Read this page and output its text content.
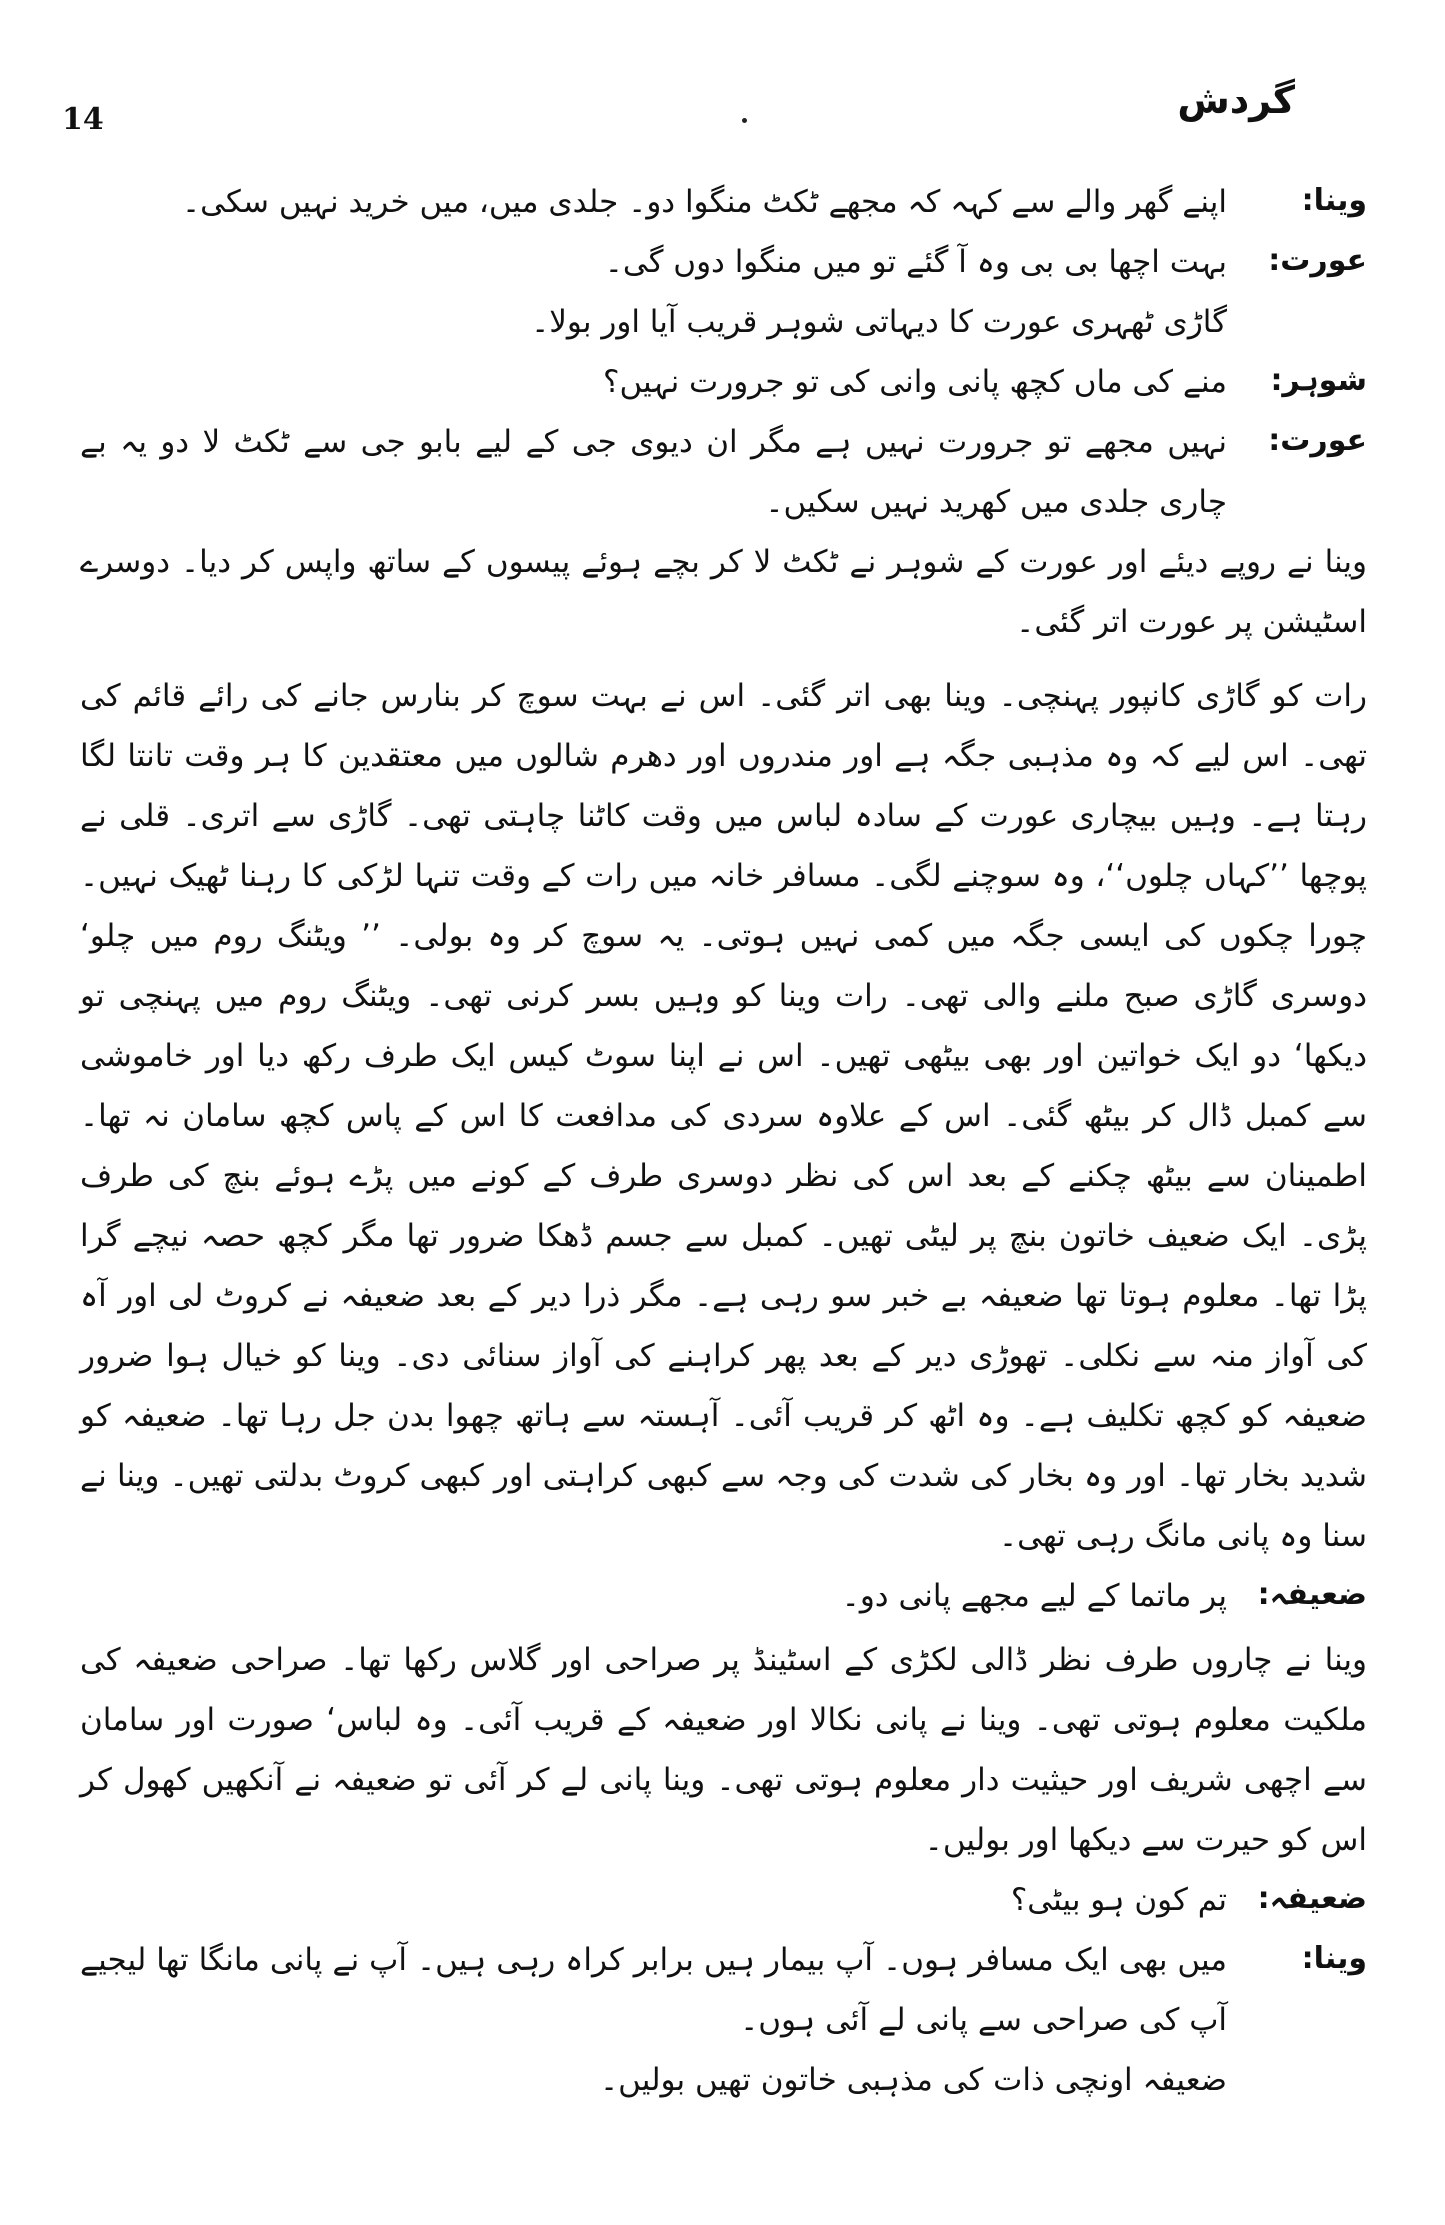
14	گردش
وینا:
اپنے گھر والے سے کہہ کہ مجھے ٹکٹ منگوا دو۔ جلدی میں، میں خرید نہیں سکی۔
عورت:
بہت اچھا بی بی وہ آ گئے تو میں منگوا دوں گی۔
گاڑی ٹھہری عورت کا دیہاتی شوہر قریب آیا اور بولا۔
شوہر:
منے کی ماں کچھ پانی وانی کی تو جرورت نہیں؟
عورت:
نہیں مجھے تو جرورت نہیں ہے مگر ان دیوی جی کے لیے بابو جی سے ٹکٹ لا دو یہ بے چاری جلدی میں کھرید نہیں سکیں۔
وینا نے روپے دیئے اور عورت کے شوہر نے ٹکٹ لا کر بچے ہوئے پیسوں کے ساتھ واپس کر دیا۔ دوسرے اسٹیشن پر عورت اتر گئی۔
رات کو گاڑی کانپور پہنچی۔ وینا بھی اتر گئی۔ اس نے بہت سوچ کر بنارس جانے کی رائے قائم کی تھی۔ اس لیے کہ وہ مذہبی جگہ ہے اور مندروں اور دھرم شالوں میں معتقدین کا ہر وقت تانتا لگا رہتا ہے۔ وہیں بیچاری عورت کے سادہ لباس میں وقت کاٹنا چاہتی تھی۔ گاڑی سے اتری۔ قلی نے پوچھا ’’کہاں چلوں‘‘، وہ سوچنے لگی۔ مسافر خانہ میں رات کے وقت تنہا لڑکی کا رہنا ٹھیک نہیں۔ چورا چکوں کی ایسی جگہ میں کمی نہیں ہوتی۔ یہ سوچ کر وہ بولی۔ ’’ ویٹنگ روم میں چلو‘ دوسری گاڑی صبح ملنے والی تھی۔ رات وینا کو وہیں بسر کرنی تھی۔ ویٹنگ روم میں پہنچی تو دیکھا‘ دو ایک خواتین اور بھی بیٹھی تھیں۔ اس نے اپنا سوٹ کیس ایک طرف رکھ دیا اور خاموشی سے کمبل ڈال کر بیٹھ گئی۔ اس کے علاوہ سردی کی مدافعت کا اس کے پاس کچھ سامان نہ تھا۔ اطمینان سے بیٹھ چکنے کے بعد اس کی نظر دوسری طرف کے کونے میں پڑے ہوئے بنچ کی طرف پڑی۔ ایک ضعیف خاتون بنچ پر لیٹی تھیں۔ کمبل سے جسم ڈھکا ضرور تھا مگر کچھ حصہ نیچے گرا پڑا تھا۔ معلوم ہوتا تھا ضعیفہ بے خبر سو رہی ہے۔ مگر ذرا دیر کے بعد ضعیفہ نے کروٹ لی اور آہ کی آواز منہ سے نکلی۔ تھوڑی دیر کے بعد پھر کراہنے کی آواز سنائی دی۔ وینا کو خیال ہوا ضرور ضعیفہ کو کچھ تکلیف ہے۔ وہ اٹھ کر قریب آئی۔ آہستہ سے ہاتھ چھوا بدن جل رہا تھا۔ ضعیفہ کو شدید بخار تھا۔ اور وہ بخار کی شدت کی وجہ سے کبھی کراہتی اور کبھی کروٹ بدلتی تھیں۔ وینا نے سنا وہ پانی مانگ رہی تھی۔
ضعیفہ:
پر ماتما کے لیے مجھے پانی دو۔
وینا نے چاروں طرف نظر ڈالی لکڑی کے اسٹینڈ پر صراحی اور گلاس رکھا تھا۔ صراحی ضعیفہ کی ملکیت معلوم ہوتی تھی۔ وینا نے پانی نکالا اور ضعیفہ کے قریب آئی۔ وہ لباس‘ صورت اور سامان سے اچھی شریف اور حیثیت دار معلوم ہوتی تھی۔ وینا پانی لے کر آئی تو ضعیفہ نے آنکھیں کھول کر اس کو حیرت سے دیکھا اور بولیں۔
ضعیفہ:
تم کون ہو بیٹی؟
وینا:
میں بھی ایک مسافر ہوں۔ آپ بیمار ہیں برابر کراہ رہی ہیں۔ آپ نے پانی مانگا تھا لیجیے آپ کی صراحی سے پانی لے آئی ہوں۔
ضعیفہ اونچی ذات کی مذہبی خاتون تھیں بولیں۔
